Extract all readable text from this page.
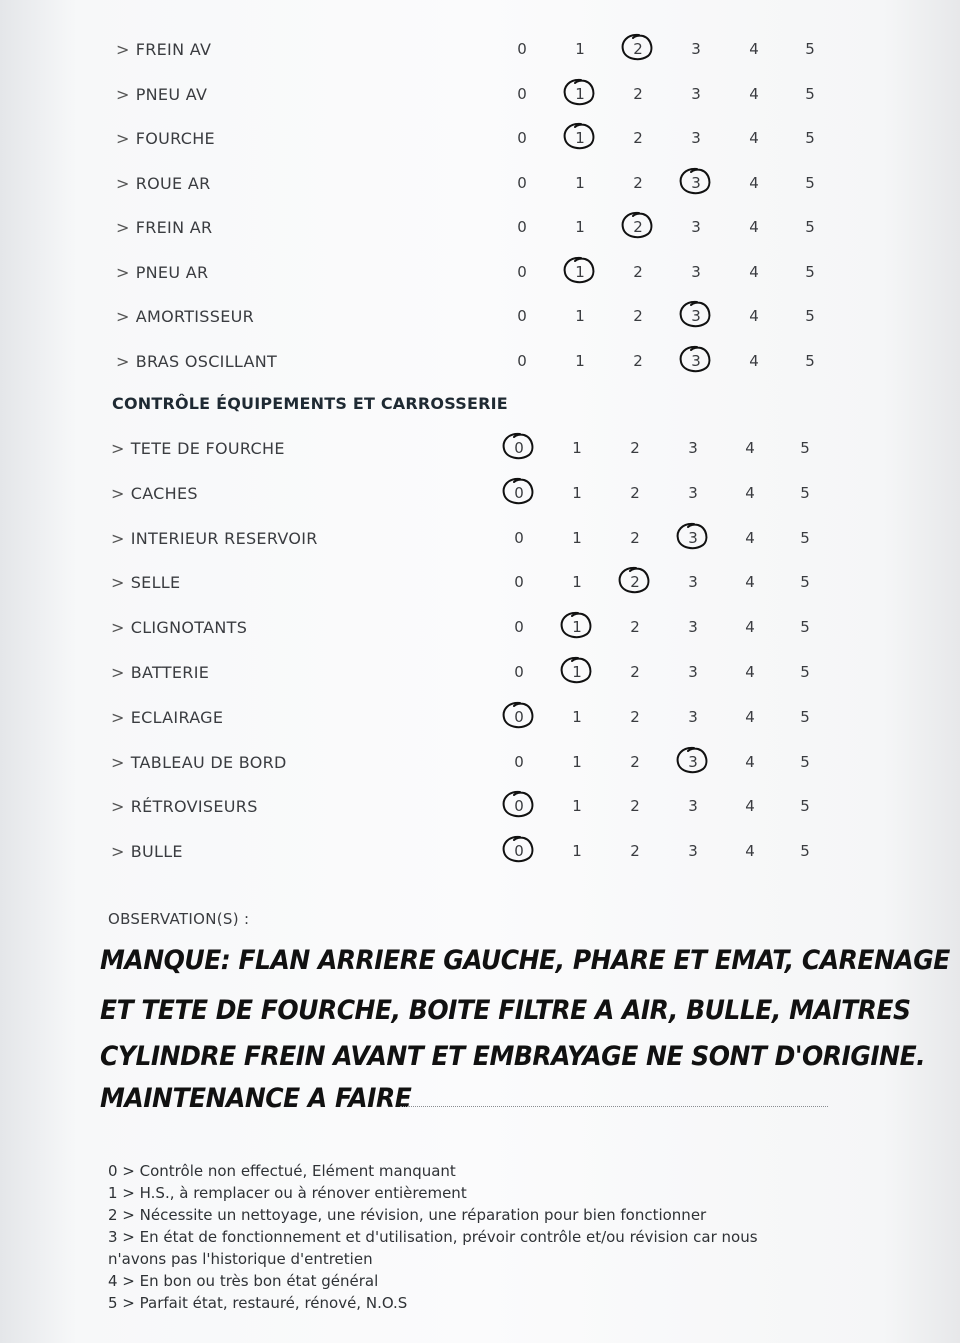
> FREIN AV	0	1	2	3	4	5
> PNEU AV	0	1	2	3	4	5
> FOURCHE	0	1	2	3	4	5
> ROUE AR	0	1	2	3	4	5
> FREIN AR	0	1	2	3	4	5
> PNEU AR	0	1	2	3	4	5
> AMORTISSEUR	0	1	2	3	4	5
> BRAS OSCILLANT	0	1	2	3	4	5
CONTRÔLE ÉQUIPEMENTS ET CARROSSERIE
> TETE DE FOURCHE	0	1	2	3	4	5
> CACHES	0	1	2	3	4	5
> INTERIEUR RESERVOIR	0	1	2	3	4	5
> SELLE	0	1	2	3	4	5
> CLIGNOTANTS	0	1	2	3	4	5
> BATTERIE	0	1	2	3	4	5
> ECLAIRAGE	0	1	2	3	4	5
> TABLEAU DE BORD	0	1	2	3	4	5
> RÉTROVISEURS	0	1	2	3	4	5
> BULLE	0	1	2	3	4	5
OBSERVATION(S) :
MANQUE: FLAN ARRIERE GAUCHE, PHARE ET EMAT, CARENAGE
ET TETE DE FOURCHE, BOITE FILTRE A AIR, BULLE, MAITRES
CYLINDRE FREIN AVANT ET EMBRAYAGE NE SONT D'ORIGINE.
MAINTENANCE A FAIRE
0 > Contrôle non effectué, Elément manquant
1 > H.S., à remplacer ou à rénover entièrement
2 > Nécessite un nettoyage, une révision, une réparation pour bien fonctionner
3 > En état de fonctionnement et d'utilisation, prévoir contrôle et/ou révision car nous
n'avons pas l'historique d'entretien
4 > En bon ou très bon état général
5 > Parfait état, restauré, rénové, N.O.S
